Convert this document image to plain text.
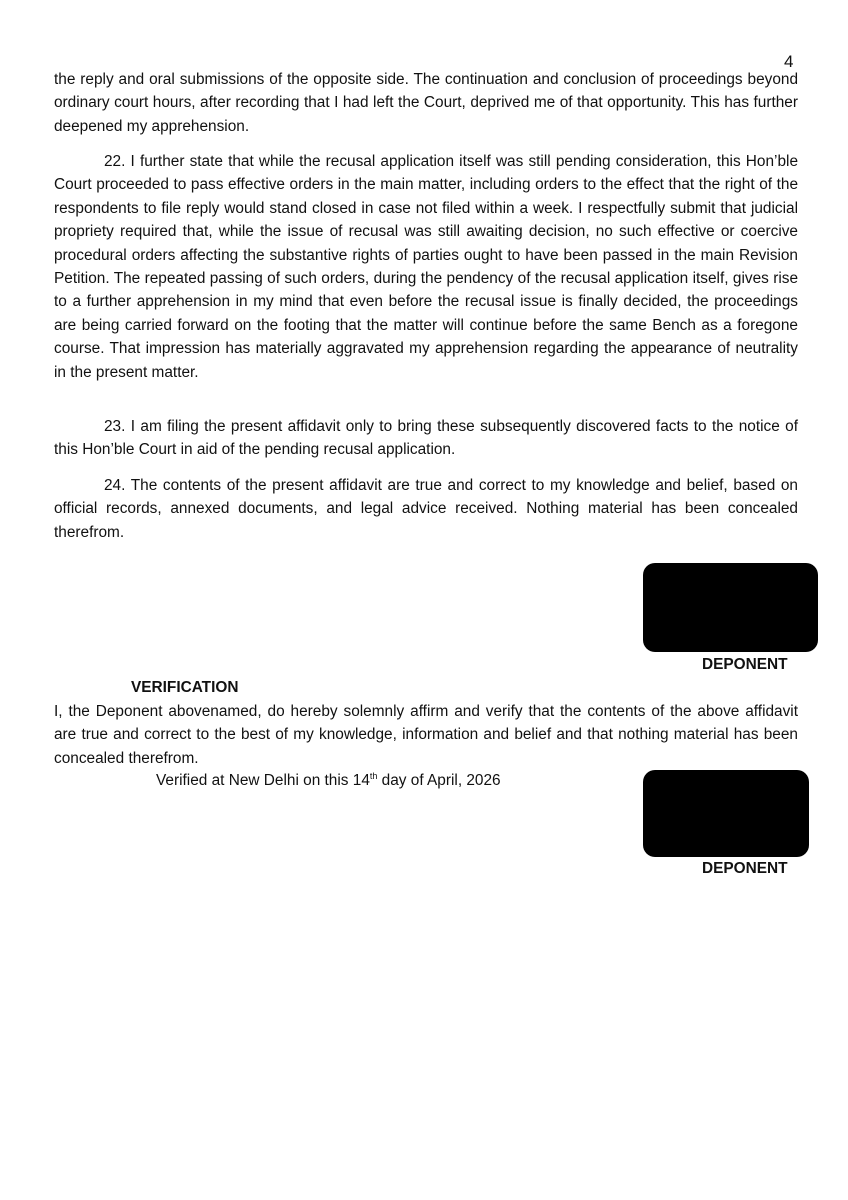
4

the reply and oral submissions of the opposite side. The continuation and conclusion of proceedings beyond ordinary court hours, after recording that I had left the Court, deprived me of that opportunity. This has further deepened my apprehension.

22. I further state that while the recusal application itself was still pending consideration, this Hon’ble Court proceeded to pass effective orders in the main matter, including orders to the effect that the right of the respondents to file reply would stand closed in case not filed within a week. I respectfully submit that judicial propriety required that, while the issue of recusal was still awaiting decision, no such effective or coercive procedural orders affecting the substantive rights of parties ought to have been passed in the main Revision Petition. The repeated passing of such orders, during the pendency of the recusal application itself, gives rise to a further apprehension in my mind that even before the recusal issue is finally decided, the proceedings are being carried forward on the footing that the matter will continue before the same Bench as a foregone course. That impression has materially aggravated my apprehension regarding the appearance of neutrality in the present matter.

23. I am filing the present affidavit only to bring these subsequently discovered facts to the notice of this Hon’ble Court in aid of the pending recusal application.

24. The contents of the present affidavit are true and correct to my knowledge and belief, based on official records, annexed documents, and legal advice received. Nothing material has been concealed therefrom.

DEPONENT
VERIFICATION

I, the Deponent abovenamed, do hereby solemnly affirm and verify that the contents of the above affidavit are true and correct to the best of my knowledge, information and belief and that nothing material has been concealed therefrom.

Verified at New Delhi on this 14th day of April, 2026
DEPONENT
